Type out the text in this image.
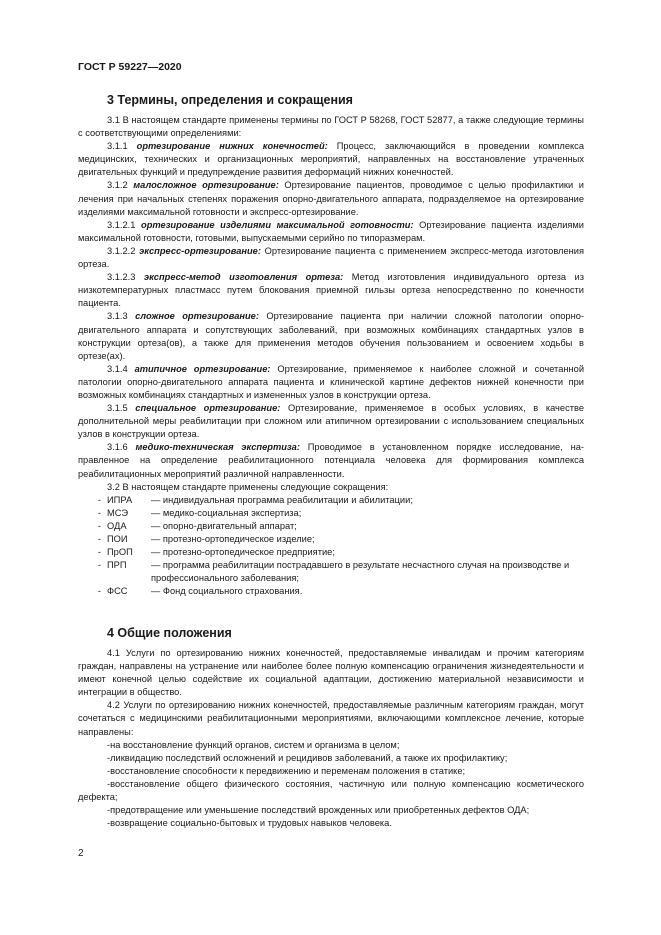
ГОСТ Р 59227—2020
3 Термины, определения и сокращения

3.1 В настоящем стандарте применены термины по ГОСТ Р 58268, ГОСТ 52877, а также следующие термины с соответствующими определениями:

3.1.1 ортезирование нижних конечностей: Процесс, заключающийся в проведении комплекса медицинских, технических и организационных мероприятий, направленных на восстановление утраченных двигательных функций и предупреждение развития деформаций нижних конечностей.

3.1.2 малосложное ортезирование: Ортезирование пациентов, проводимое с целью профилактики и лечения при начальных степенях поражения опорно-двигательного аппарата, подразделяемое на ортезирование изделиями максимальной готовности и экспресс-ортезирование.

3.1.2.1 ортезирование изделиями максимальной готовности: Ортезирование пациента изделиями максимальной готовности, готовыми, выпускаемыми серийно по типоразмерам.

3.1.2.2 экспресс-ортезирование: Ортезирование пациента с применением экспресс-метода изготовления ортеза.

3.1.2.3 экспресс-метод изготовления ортеза: Метод изготовления индивидуального ортеза из низкотемпературных пластмасс путем блокования приемной гильзы ортеза непосредственно по конечности пациента.

3.1.3 сложное ортезирование: Ортезирование пациента при наличии сложной патологии опорно-двигательного аппарата и сопутствующих заболеваний, при возможных комбинациях стандартных узлов в конструкции ортеза(ов), а также для применения методов обучения пользованием и освоением ходьбы в ортезе(ах).

3.1.4 атипичное ортезирование: Ортезирование, применяемое к наиболее сложной и сочетанной патологии опорно-двигательного аппарата пациента и клинической картине дефектов нижней конечности при возможных комбинациях стандартных и измененных узлов в конструкции ортеза.

3.1.5 специальное ортезирование: Ортезирование, применяемое в особых условиях, в качестве дополнительной меры реабилитации при сложном или атипичном ортезировании с использованием специальных узлов в конструкции ортеза.

3.1.6 медико-техническая экспертиза: Проводимое в установленном порядке исследование, направленное на определение реабилитационного потенциала человека для формирования комплекса реабилитационных мероприятий различной направленности.

3.2 В настоящем стандарте применены следующие сокращения:

- ИПРА	— индивидуальная программа реабилитации и абилитации;
- МСЭ	— медико-социальная экспертиза;
- ОДА	— опорно-двигательный аппарат;
- ПОИ	— протезно-ортопедическое изделие;
- ПрОП	— протезно-ортопедическое предприятие;
- ПРП	— программа реабилитации пострадавшего в результате несчастного случая на производстве и профессионального заболевания;
- ФСС	— Фонд социального страхования.
4 Общие положения

4.1 Услуги по ортезированию нижних конечностей, предоставляемые инвалидам и прочим категориям граждан, направлены на устранение или наиболее более полную компенсацию ограничения жизнедеятельности и имеют конечной целью содействие их социальной адаптации, достижению материальной независимости и интеграции в общество.

4.2 Услуги по ортезированию нижних конечностей, предоставляемые различным категориям граждан, могут сочетаться с медицинскими реабилитационными мероприятиями, включающими комплексное лечение, которые направлены:

-на восстановление функций органов, систем и организма в целом;

-ликвидацию последствий осложнений и рецидивов заболеваний, а также их профилактику;

-восстановление способности к передвижению и переменам положения в статике;

-восстановление общего физического состояния, частичную или полную компенсацию косметического дефекта;

-предотвращение или уменьшение последствий врожденных или приобретенных дефектов ОДА;

-возвращение социально-бытовых и трудовых навыков человека.

2
